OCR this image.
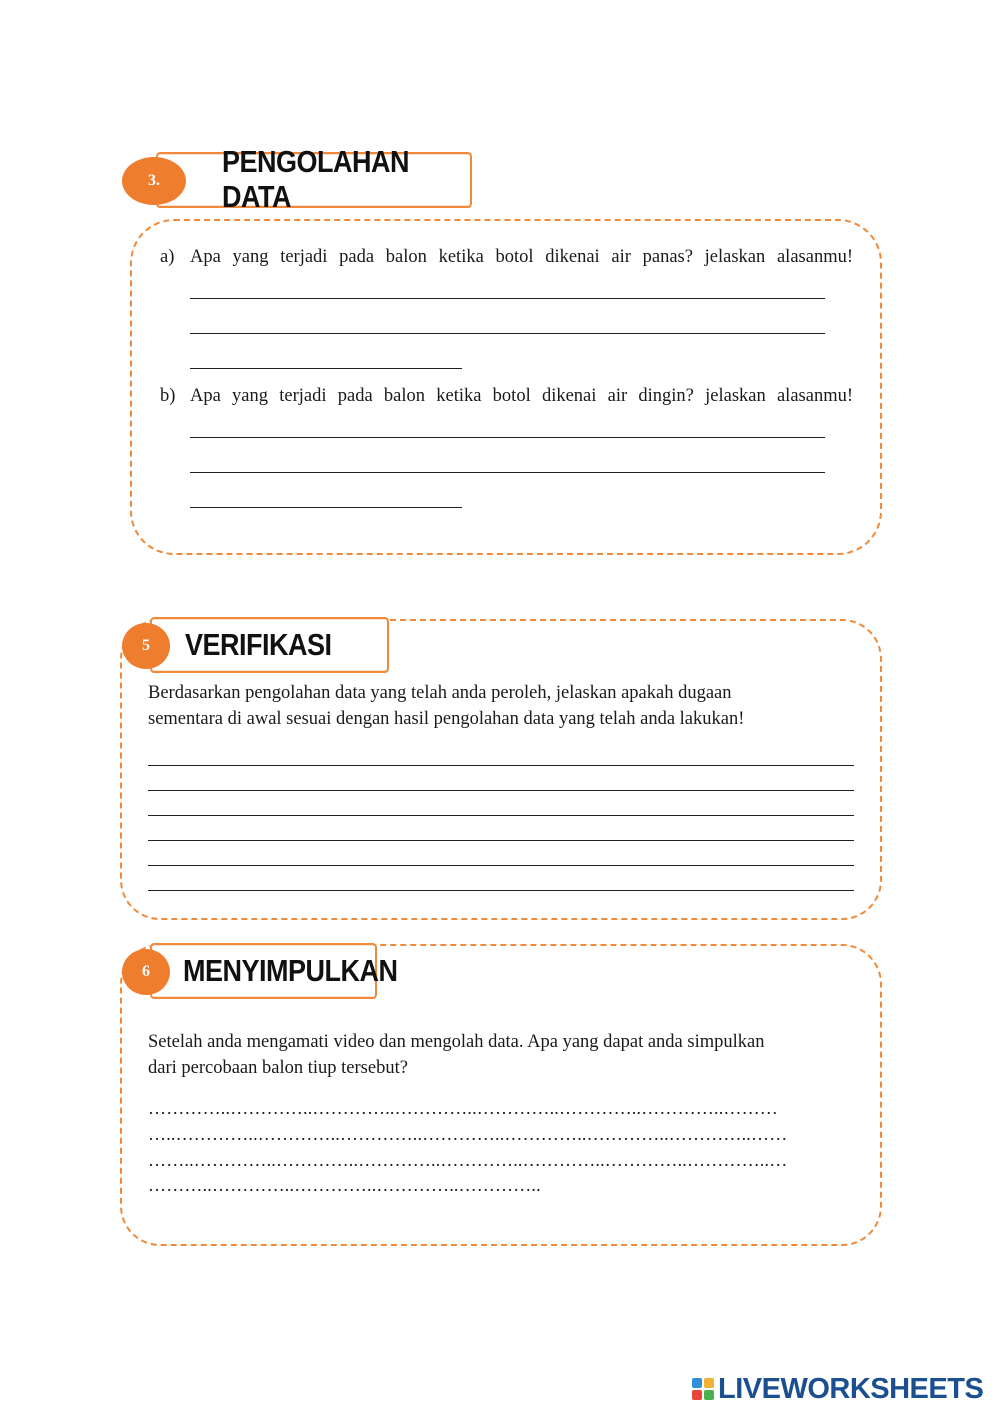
PENGOLAHAN DATA
3.
a) Apa yang terjadi pada balon ketika botol dikenai air panas? jelaskan alasanmu!
b) Apa yang terjadi pada balon ketika botol dikenai air dingin? jelaskan alasanmu!
VERIFIKASI
5
Berdasarkan pengolahan data yang telah anda peroleh, jelaskan apakah dugaan
sementara di awal sesuai dengan hasil pengolahan data yang telah anda lakukan!
MENYIMPULKAN
6
Setelah anda mengamati video dan mengolah data. Apa yang dapat anda simpulkan
dari percobaan balon tiup tersebut?
…………..…………..…………..…………..…………..…………..…………..………
…..…………..…………..…………..…………..…………..…………..…………..……
……..…………..…………..…………..…………..…………..…………..…………..…
………..…………..…………..…………..…………..
LIVEWORKSHEETS
